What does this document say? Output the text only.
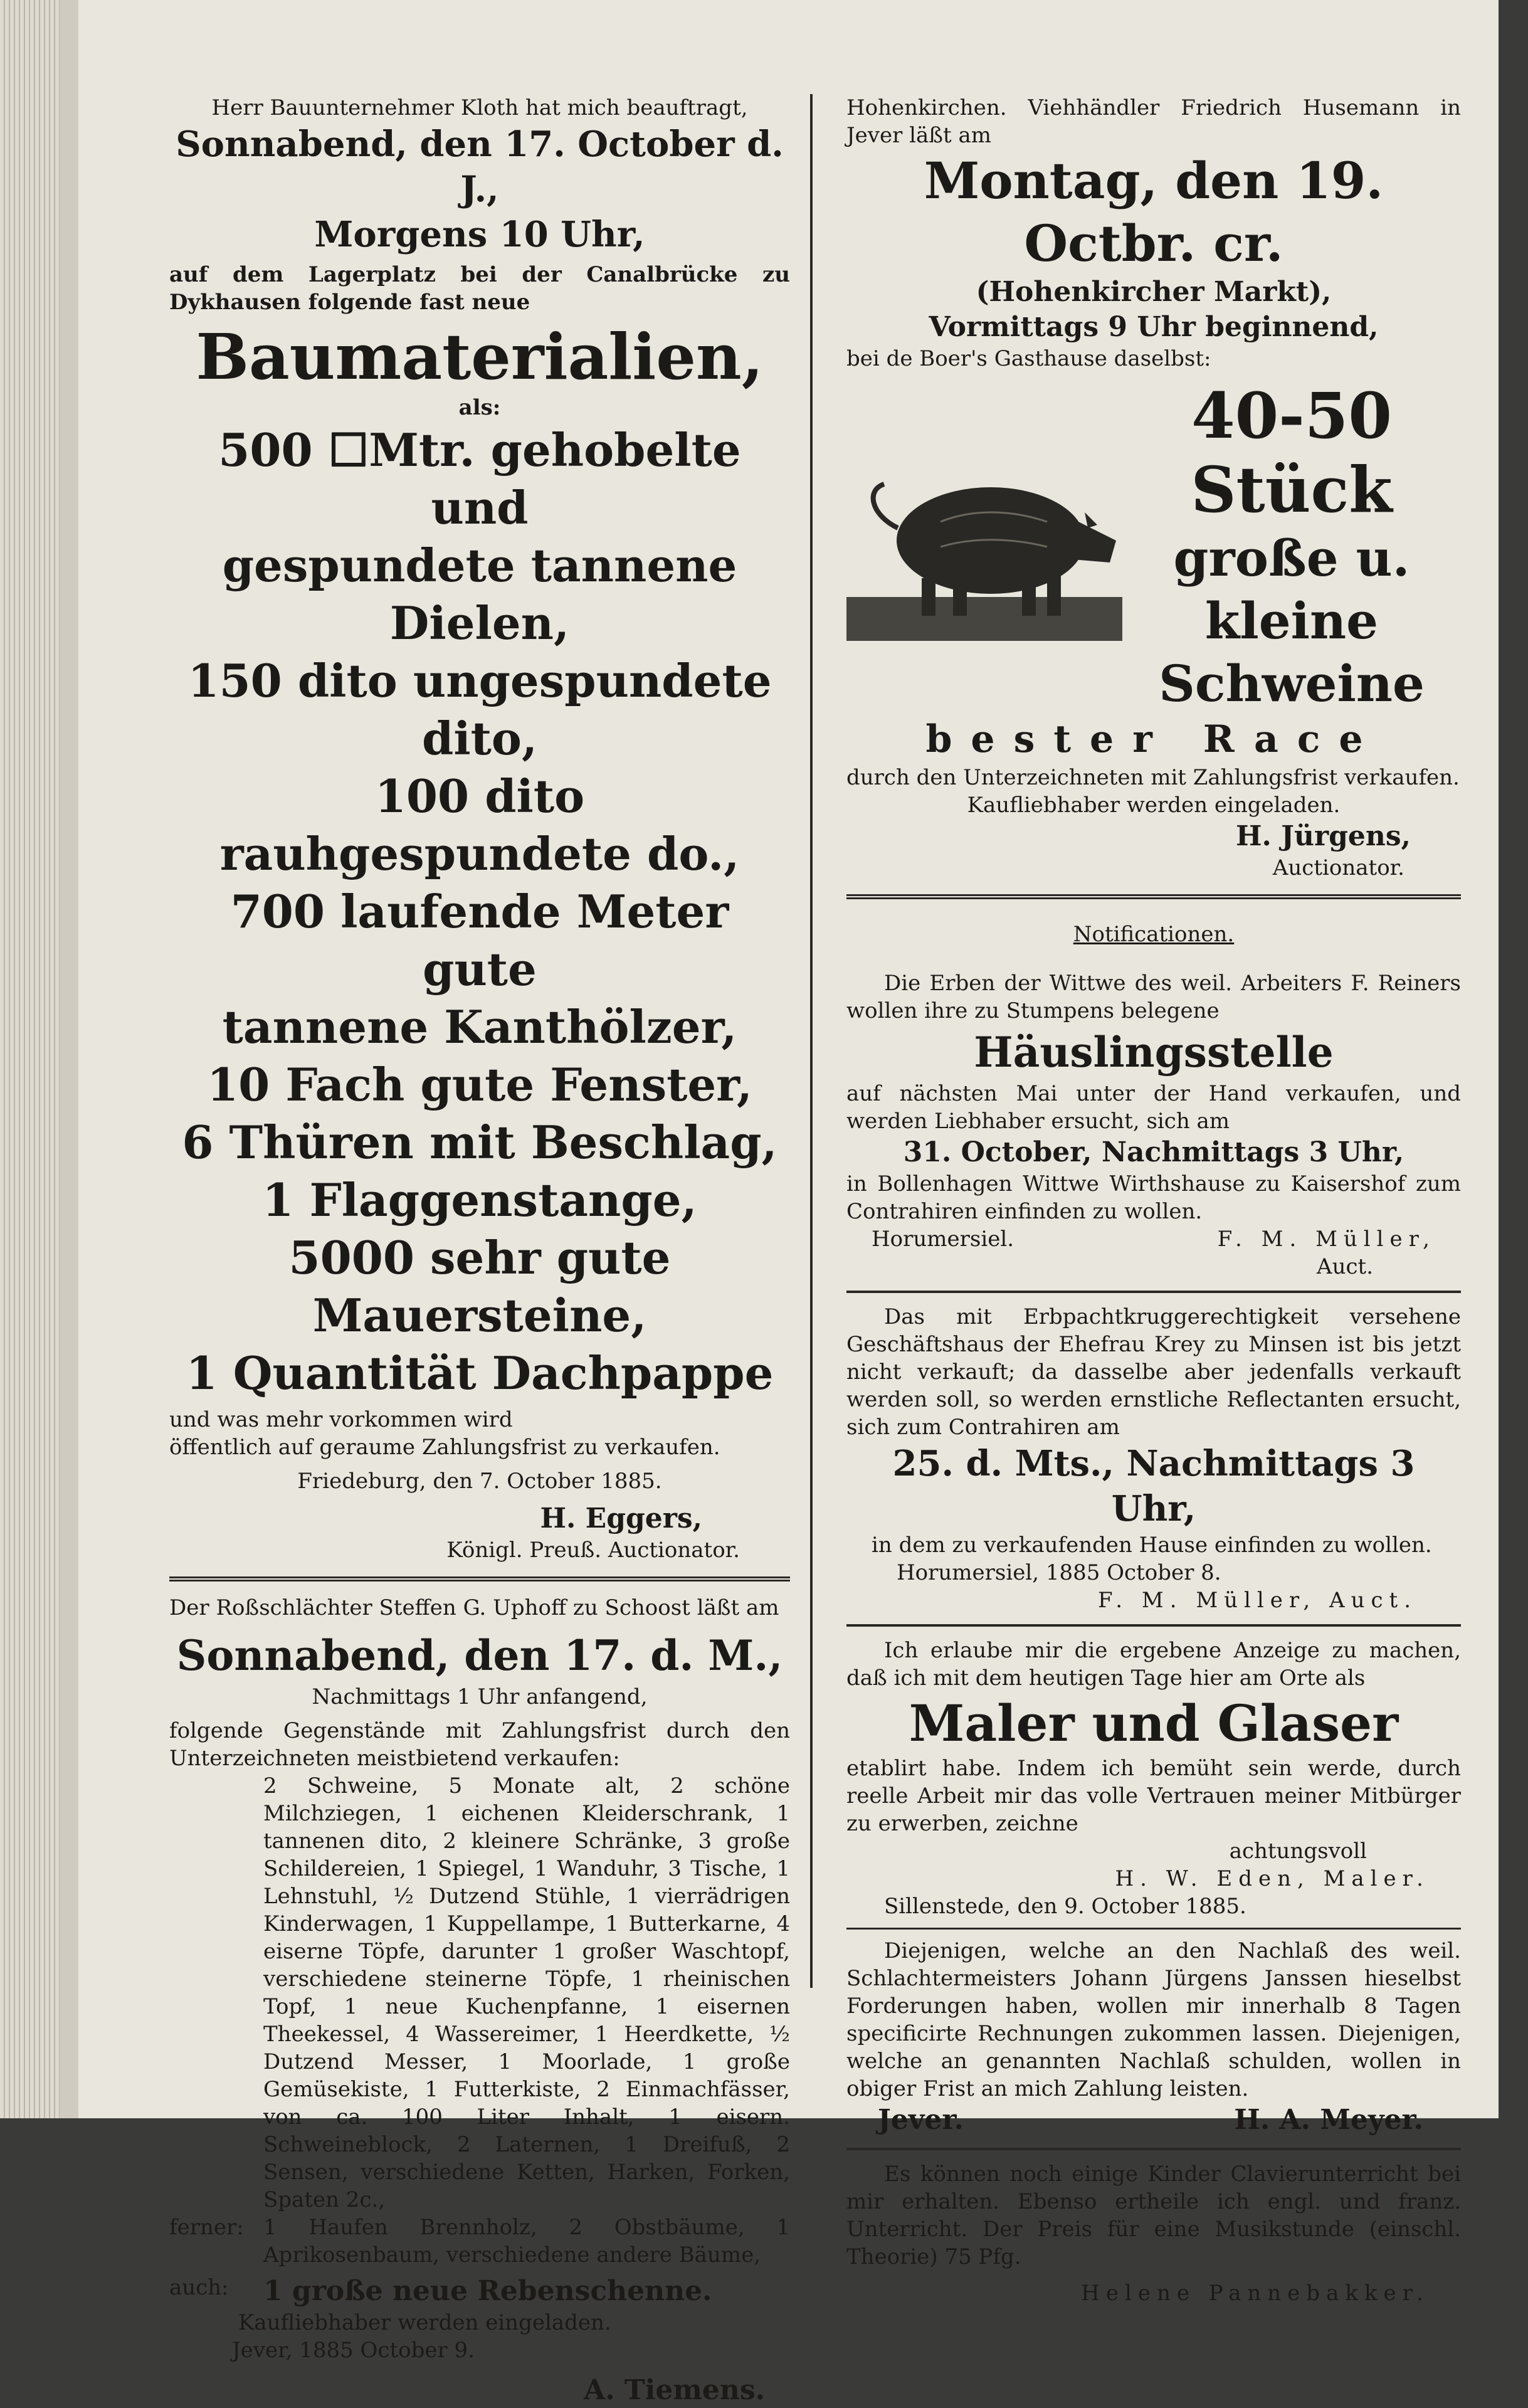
Herr Bauunternehmer Kloth hat mich beauftragt,

Sonnabend, den 17. October d. J.,

Morgens 10 Uhr,

auf dem Lagerplatz bei der Canalbrücke zu Dykhausen folgende fast neue

Baumaterialien,

als:

500 ☐Mtr. gehobelte und

gespundete tannene Dielen,

150 dito ungespundete dito,

100 dito rauhgespundete do.,

700 laufende Meter gute

tannene Kanthölzer,

10 Fach gute Fenster,

6 Thüren mit Beschlag,

1 Flaggenstange,

5000 sehr gute Mauersteine,

1 Quantität Dachpappe

und was mehr vorkommen wird

öffentlich auf geraume Zahlungsfrist zu verkaufen.

Friedeburg, den 7. October 1885.

H. Eggers,

Königl. Preuß. Auctionator.

Der Roßschlächter Steffen G. Uphoff zu Schoost läßt am

Sonnabend, den 17. d. M.,

Nachmittags 1 Uhr anfangend,

folgende Gegenstände mit Zahlungsfrist durch den Unterzeichneten meistbietend verkaufen:

2 Schweine, 5 Monate alt, 2 schöne Milchziegen, 1 eichenen Kleiderschrank, 1 tannenen dito, 2 kleinere Schränke, 3 große Schildereien, 1 Spiegel, 1 Wanduhr, 3 Tische, 1 Lehnstuhl, ½ Dutzend Stühle, 1 vierrädrigen Kinderwagen, 1 Kuppellampe, 1 Butterkarne, 4 eiserne Töpfe, darunter 1 großer Waschtopf, verschiedene steinerne Töpfe, 1 rheinischen Topf, 1 neue Kuchenpfanne, 1 eisernen Theekessel, 4 Wassereimer, 1 Heerdkette, ½ Dutzend Messer, 1 Moorlade, 1 große Gemüsekiste, 1 Futterkiste, 2 Einmachfässer, von ca. 100 Liter Inhalt, 1 eisern. Schweineblock, 2 Laternen, 1 Dreifuß, 2 Sensen, verschiedene Ketten, Harken, Forken, Spaten 2c.,

ferner: 1 Haufen Brennholz, 2 Obstbäume, 1 Aprikosenbaum, verschiedene andere Bäume,
auch:	1 große neue Rebenschenne.

Kaufliebhaber werden eingeladen.

Jever, 1885 October 9.

A. Tiemens.

Hohenkirchen. Viehhändler Friedrich Husemann in Jever läßt am

Montag, den 19. Octbr. cr.

(Hohenkircher Markt),

Vormittags 9 Uhr beginnend,

bei de Boer's Gasthause daselbst:

40-50 Stück

große u. kleine

Schweine

bester Race

durch den Unterzeichneten mit Zahlungsfrist verkaufen.

Kaufliebhaber werden eingeladen.

H. Jürgens,

Auctionator.

Notificationen.

Die Erben der Wittwe des weil. Arbeiters F. Reiners wollen ihre zu Stumpens belegene

Häuslingsstelle

auf nächsten Mai unter der Hand verkaufen, und werden Liebhaber ersucht, sich am

31. October, Nachmittags 3 Uhr,

in Bollenhagen Wittwe Wirthshause zu Kaisershof zum Contrahiren einfinden zu wollen.

Horumersiel.	F. M. Müller,

Auct.

Das mit Erbpachtkruggerechtigkeit versehene Geschäftshaus der Ehefrau Krey zu Minsen ist bis jetzt nicht verkauft; da dasselbe aber jedenfalls verkauft werden soll, so werden ernstliche Reflectanten ersucht, sich zum Contrahiren am

25. d. Mts., Nachmittags 3 Uhr,

in dem zu verkaufenden Hause einfinden zu wollen.

Horumersiel, 1885 October 8.

F. M. Müller, Auct.

Ich erlaube mir die ergebene Anzeige zu machen, daß ich mit dem heutigen Tage hier am Orte als

Maler und Glaser

etablirt habe. Indem ich bemüht sein werde, durch reelle Arbeit mir das volle Vertrauen meiner Mitbürger zu erwerben, zeichne

achtungsvoll

H. W. Eden, Maler.

Sillenstede, den 9. October 1885.

Diejenigen, welche an den Nachlaß des weil. Schlachtermeisters Johann Jürgens Janssen hieselbst Forderungen haben, wollen mir innerhalb 8 Tagen specificirte Rechnungen zukommen lassen. Diejenigen, welche an genannten Nachlaß schulden, wollen in obiger Frist an mich Zahlung leisten.

Jever.	H. A. Meyer.

Es können noch einige Kinder Clavierunterricht bei mir erhalten. Ebenso ertheile ich engl. und franz. Unterricht. Der Preis für eine Musikstunde (einschl. Theorie) 75 Pfg.

Helene Pannebakker.
